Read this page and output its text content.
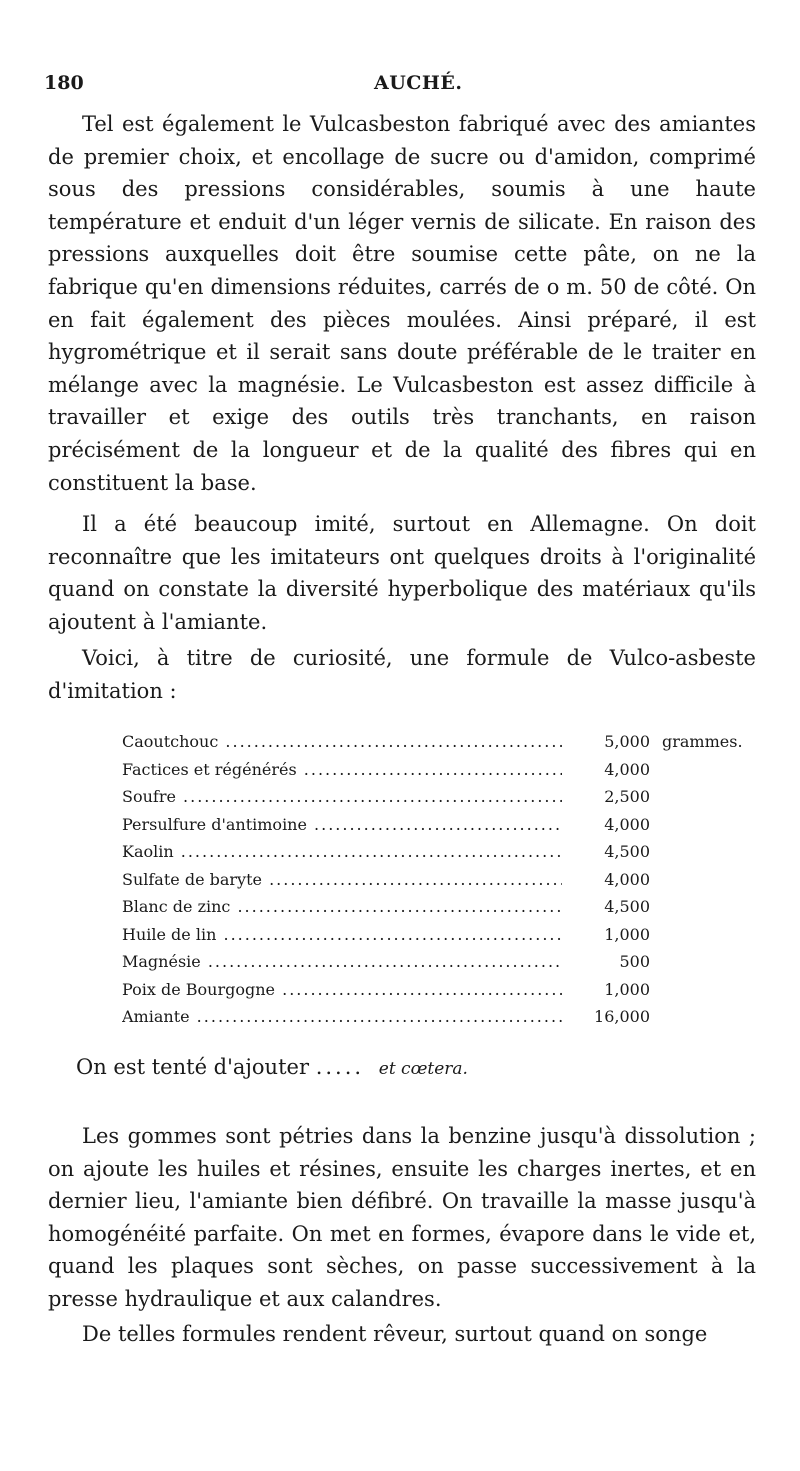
180	AUCHÉ.

Tel est également le Vulcasbeston fabriqué avec des amiantes de premier choix, et encollage de sucre ou d'amidon, comprimé sous des pressions considérables, soumis à une haute température et enduit d'un léger vernis de silicate. En raison des pressions auxquelles doit être soumise cette pâte, on ne la fabrique qu'en dimensions réduites, carrés de o m. 50 de côté. On en fait également des pièces moulées. Ainsi préparé, il est hygrométrique et il serait sans doute préférable de le traiter en mélange avec la magnésie. Le Vulcasbeston est assez difficile à travailler et exige des outils très tranchants, en raison précisément de la longueur et de la qualité des fibres qui en constituent la base.

Il a été beaucoup imité, surtout en Allemagne. On doit reconnaître que les imitateurs ont quelques droits à l'originalité quand on constate la diversité hyperbolique des matériaux qu'ils ajoutent à l'amiante.

Voici, à titre de curiosité, une formule de Vulco-asbeste d'imitation :

Caoutchouc .....	5,000 grammes.
Factices et régénérés .....	4,000
Soufre .....	2,500
Persulfure d'antimoine .....	4,000
Kaolin .....	4,500
Sulfate de baryte .....	4,000
Blanc de zinc .....	4,500
Huile de lin .....	1,000
Magnésie .....	500
Poix de Bourgogne .....	1,000
Amiante .....	16,000
On est tenté d'ajouter ..... et cœtera.

Les gommes sont pétries dans la benzine jusqu'à dissolution ; on ajoute les huiles et résines, ensuite les charges inertes, et en dernier lieu, l'amiante bien défibré. On travaille la masse jusqu'à homogénéité parfaite. On met en formes, évapore dans le vide et, quand les plaques sont sèches, on passe successivement à la presse hydraulique et aux calandres.

De telles formules rendent rêveur, surtout quand on songe
